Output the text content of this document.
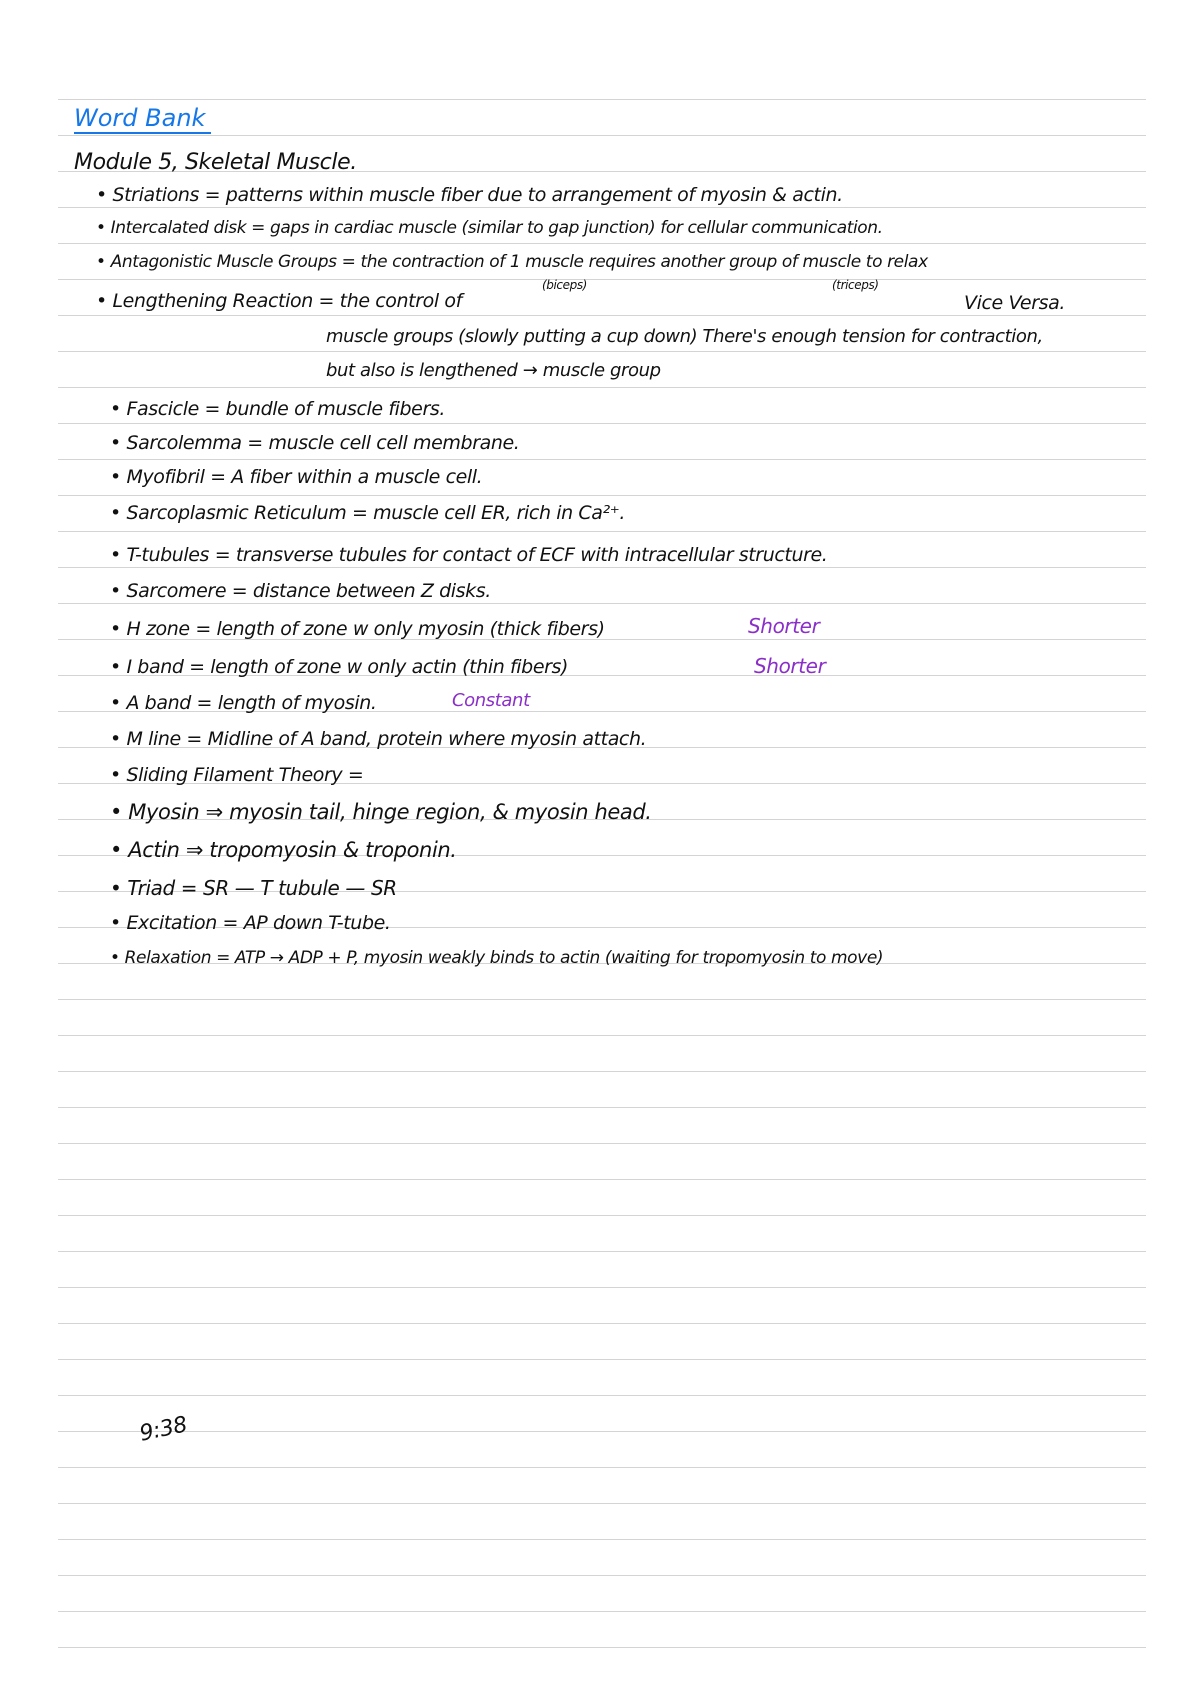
Word Bank
Module 5, Skeletal Muscle.
• Striations = patterns within muscle fiber due to arrangement of myosin & actin.
• Intercalated disk = gaps in cardiac muscle (similar to gap junction) for cellular communication.
• Antagonistic Muscle Groups = the contraction of 1 muscle requires another group of muscle to relax
(biceps)	(triceps)
• Lengthening Reaction = the control of	Vice Versa.
muscle groups (slowly putting a cup down) There's enough tension for contraction,
but also is lengthened → muscle group
• Fascicle = bundle of muscle fibers.
• Sarcolemma = muscle cell cell membrane.
• Myofibril = A fiber within a muscle cell.
• Sarcoplasmic Reticulum = muscle cell ER, rich in Ca²⁺.
• T-tubules = transverse tubules for contact of ECF with intracellular structure.
• Sarcomere = distance between Z disks.
• H zone = length of zone w only myosin (thick fibers)	Shorter
• I band = length of zone w only actin (thin fibers)	Shorter
• A band = length of myosin.	Constant
• M line = Midline of A band, protein where myosin attach.
• Sliding Filament Theory =
• Myosin ⇒ myosin tail, hinge region, & myosin head.
• Actin ⇒ tropomyosin & troponin.
• Triad = SR — T tubule — SR
• Excitation = AP down T-tube.
• Relaxation = ATP → ADP + P, myosin weakly binds to actin (waiting for tropomyosin to move)
9:38
